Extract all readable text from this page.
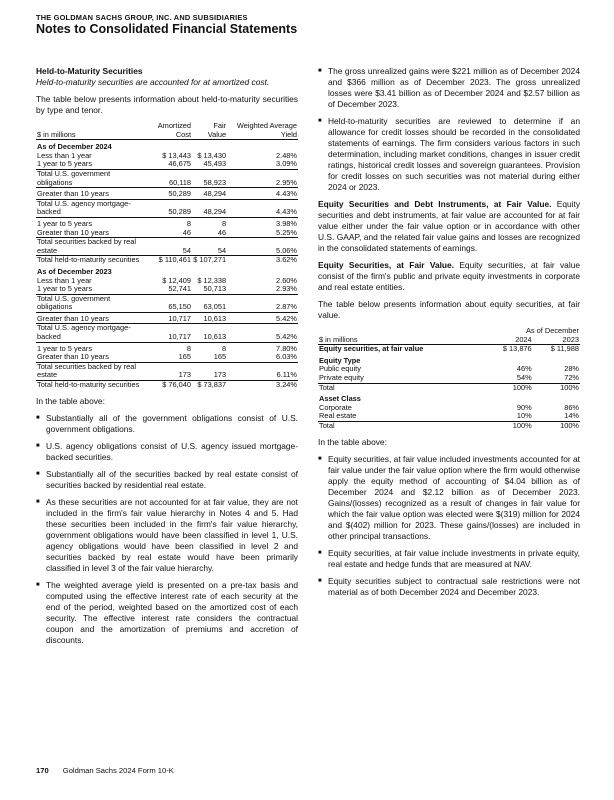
THE GOLDMAN SACHS GROUP, INC. AND SUBSIDIARIES
Notes to Consolidated Financial Statements
Held-to-Maturity Securities

Held-to-maturity securities are accounted for at amortized cost.

The table below presents information about held-to-maturity securities by type and tenor.

$ in millions	Amortized Cost	Fair Value	Weighted Average Yield
As of December 2024			
Less than 1 year	$ 13,443	$ 13,430	2.48%
1 year to 5 years	46,675	45,493	3.09%
Total U.S. government obligations	60,118	58,923	2.95%
Greater than 10 years	50,289	48,294	4.43%
Total U.S. agency mortgage-backed	50,289	48,294	4.43%
1 year to 5 years	8	8	3.98%
Greater than 10 years	46	46	5.25%
Total securities backed by real estate	54	54	5.06%
Total held-to-maturity securities	$ 110,461	$ 107,271	3.62%
As of December 2023			
Less than 1 year	$ 12,409	$ 12,338	2.60%
1 year to 5 years	52,741	50,713	2.93%
Total U.S. government obligations	65,150	63,051	2.87%
Greater than 10 years	10,717	10,613	5.42%
Total U.S. agency mortgage-backed	10,717	10,613	5.42%
1 year to 5 years	8	8	7.80%
Greater than 10 years	165	165	6.03%
Total securities backed by real estate	173	173	6.11%
Total held-to-maturity securities	$ 76,040	$ 73,837	3.24%

In the table above:

■ Substantially all of the government obligations consist of U.S. government obligations.
■ U.S. agency obligations consist of U.S. agency issued mortgage-backed securities.
■ Substantially all of the securities backed by real estate consist of securities backed by residential real estate.
■ As these securities are not accounted for at fair value, they are not included in the firm's fair value hierarchy in Notes 4 and 5. Had these securities been included in the firm's fair value hierarchy, government obligations would have been classified in level 1, U.S. agency obligations would have been classified in level 2 and securities backed by real estate would have been primarily classified in level 3 of the fair value hierarchy.
■ The weighted average yield is presented on a pre-tax basis and computed using the effective interest rate of each security at the end of the period, weighted based on the amortized cost of each security. The effective interest rate considers the contractual coupon and the amortization of premiums and accretion of discounts.
■ The gross unrealized gains were $221 million as of December 2024 and $366 million as of December 2023. The gross unrealized losses were $3.41 billion as of December 2024 and $2.57 billion as of December 2023.
■ Held-to-maturity securities are reviewed to determine if an allowance for credit losses should be recorded in the consolidated statements of earnings. The firm considers various factors in such determination, including market conditions, changes in issuer credit ratings, historical credit losses and sovereign guarantees. Provision for credit losses on such securities was not material during either 2024 or 2023.

Equity Securities and Debt Instruments, at Fair Value. Equity securities and debt instruments, at fair value are accounted for at fair value either under the fair value option or in accordance with other U.S. GAAP, and the related fair value gains and losses are recognized in the consolidated statements of earnings.

Equity Securities, at Fair Value. Equity securities, at fair value consist of the firm's public and private equity investments in corporate and real estate entities.

The table below presents information about equity securities, at fair value.

	As of December	
$ in millions	2024	2023
Equity securities, at fair value	$ 13,876	$ 11,988
Equity Type		
Public equity	46%	28%
Private equity	54%	72%
Total	100%	100%
Asset Class		
Corporate	90%	86%
Real estate	10%	14%
Total	100%	100%

In the table above:

■ Equity securities, at fair value included investments accounted for at fair value under the fair value option where the firm would otherwise apply the equity method of accounting of $4.04 billion as of December 2024 and $2.12 billion as of December 2023. Gains/(losses) recognized as a result of changes in fair value for which the fair value option was elected were $(319) million for 2024 and $(402) million for 2023. These gains/(losses) are included in other principal transactions.
■ Equity securities, at fair value include investments in private equity, real estate and hedge funds that are measured at NAV.
■ Equity securities subject to contractual sale restrictions were not material as of both December 2024 and December 2023.
170 Goldman Sachs 2024 Form 10-K
